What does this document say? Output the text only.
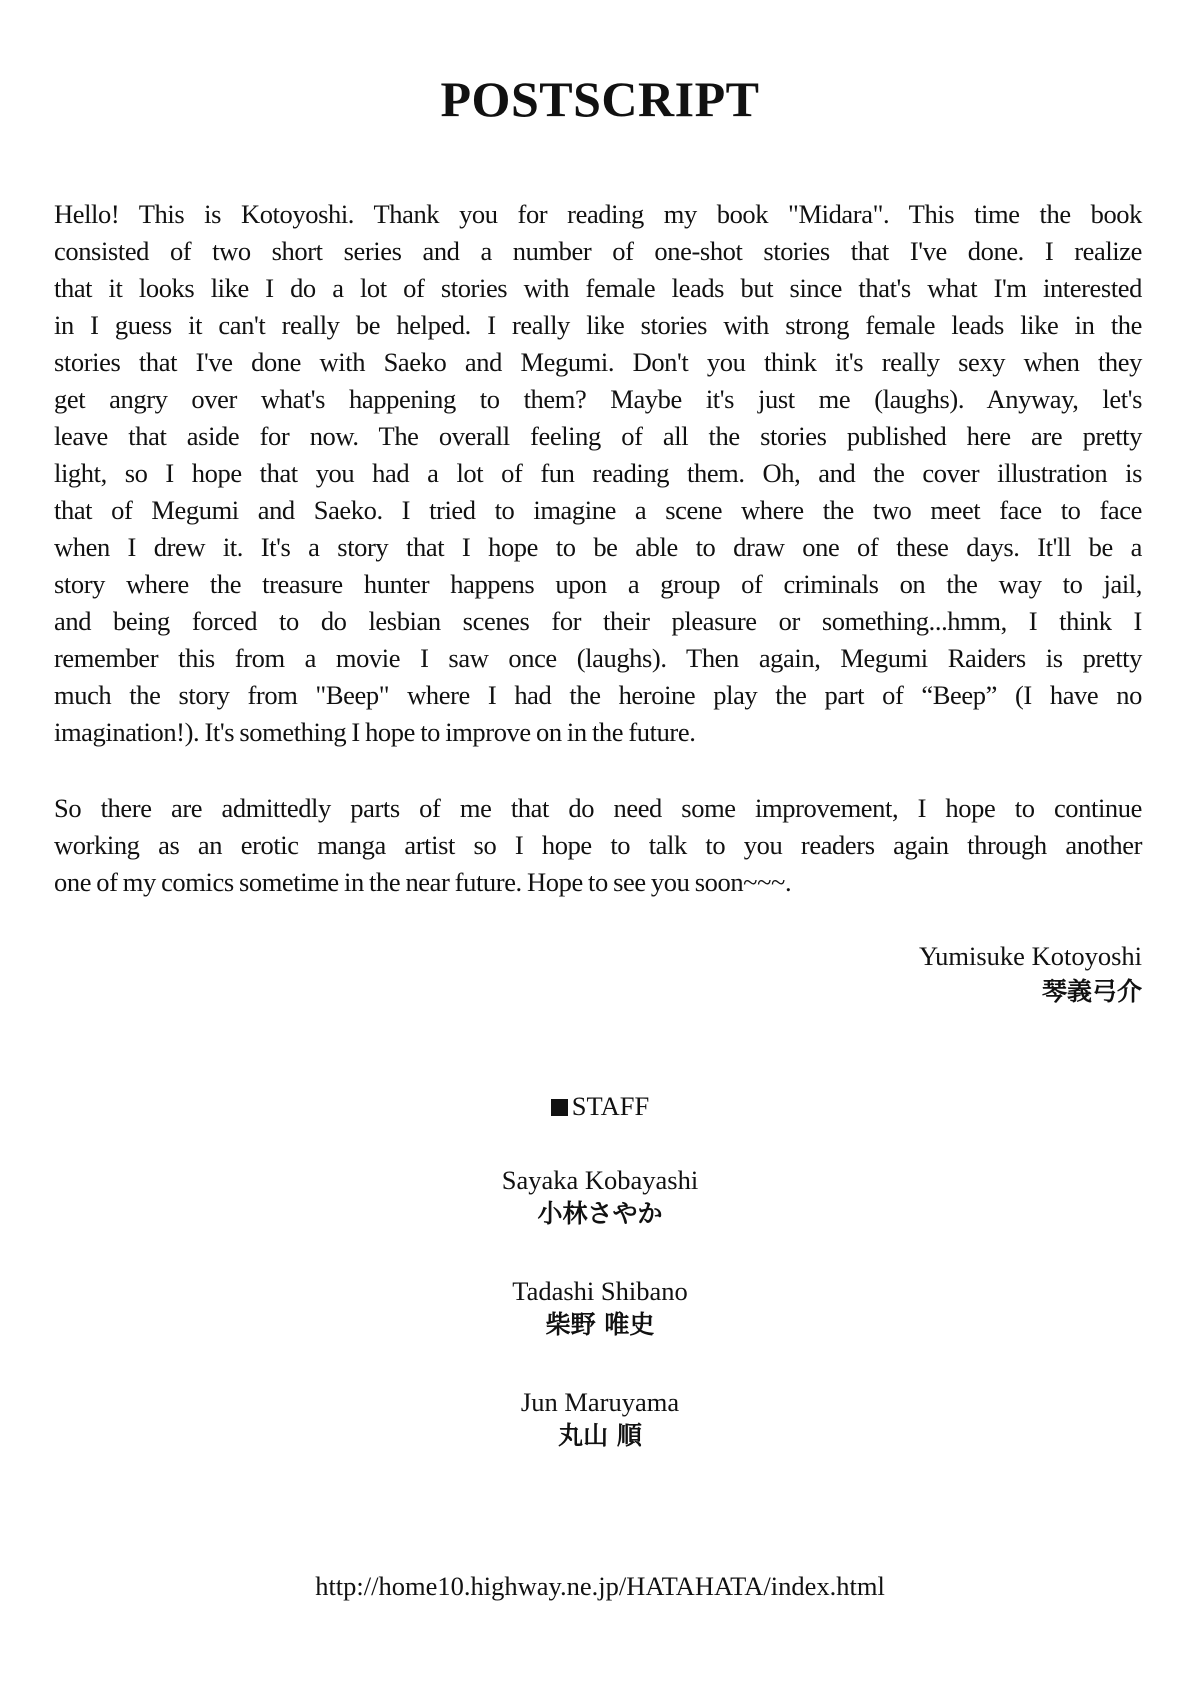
POSTSCRIPT
Hello! This is Kotoyoshi. Thank you for reading my book "Midara". This time the book
consisted of two short series and a number of one-shot stories that I've done. I realize
that it looks like I do a lot of stories with female leads but since that's what I'm interested
in I guess it can't really be helped. I really like stories with strong female leads like in the
stories that I've done with Saeko and Megumi. Don't you think it's really sexy when they
get angry over what's happening to them? Maybe it's just me (laughs). Anyway, let's
leave that aside for now. The overall feeling of all the stories published here are pretty
light, so I hope that you had a lot of fun reading them. Oh, and the cover illustration is
that of Megumi and Saeko. I tried to imagine a scene where the two meet face to face
when I drew it. It's a story that I hope to be able to draw one of these days. It'll be a
story where the treasure hunter happens upon a group of criminals on the way to jail,
and being forced to do lesbian scenes for their pleasure or something...hmm, I think I
remember this from a movie I saw once (laughs). Then again, Megumi Raiders is pretty
much the story from "Beep" where I had the heroine play the part of “Beep” (I have no
imagination!). It's something I hope to improve on in the future.
So there are admittedly parts of me that do need some improvement, I hope to continue
working as an erotic manga artist so I hope to talk to you readers again through another
one of my comics sometime in the near future. Hope to see you soon~~~.
Yumisuke Kotoyoshi
琴義弓介
STAFF
Sayaka Kobayashi
小林さやか
Tadashi Shibano
柴野 唯史
Jun Maruyama
丸山 順
http://home10.highway.ne.jp/HATAHATA/index.html
